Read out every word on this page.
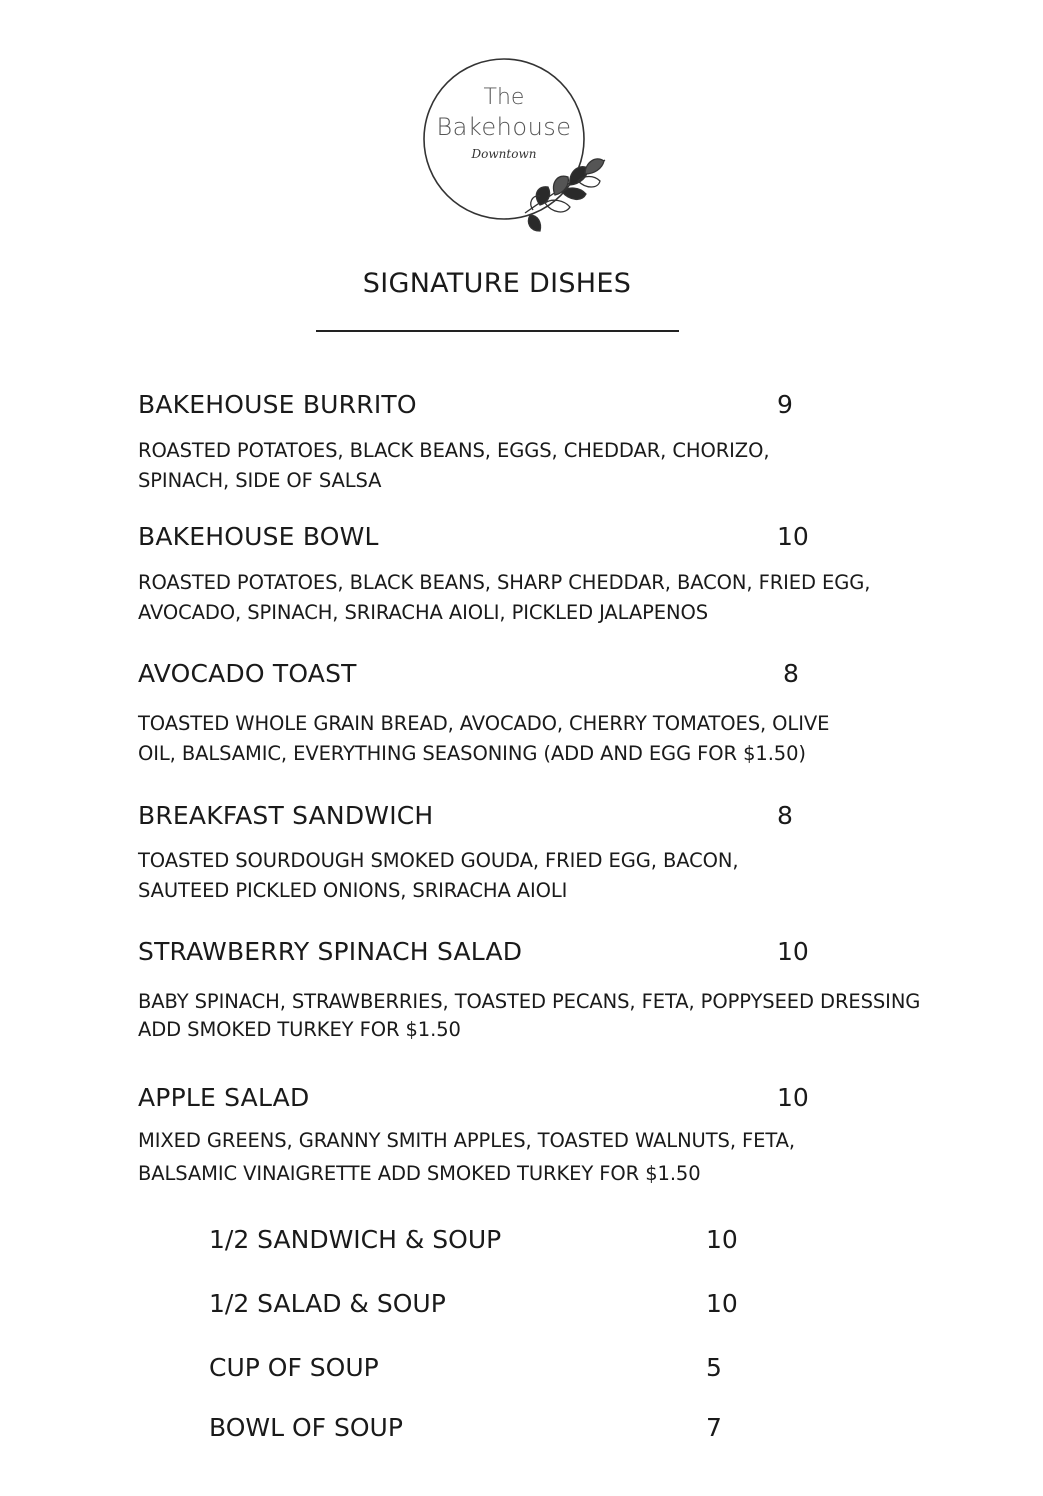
The
Bakehouse
Downtown
SIGNATURE DISHES
BAKEHOUSE BURRITO	9
ROASTED POTATOES, BLACK BEANS, EGGS, CHEDDAR, CHORIZO,
SPINACH, SIDE OF SALSA
BAKEHOUSE BOWL	10
ROASTED POTATOES, BLACK BEANS, SHARP CHEDDAR, BACON, FRIED EGG,
AVOCADO, SPINACH, SRIRACHA AIOLI, PICKLED JALAPENOS
AVOCADO TOAST	8
TOASTED WHOLE GRAIN BREAD, AVOCADO, CHERRY TOMATOES, OLIVE
OIL, BALSAMIC, EVERYTHING SEASONING (ADD AND EGG FOR $1.50)
BREAKFAST SANDWICH	8
TOASTED SOURDOUGH SMOKED GOUDA, FRIED EGG, BACON,
SAUTEED PICKLED ONIONS, SRIRACHA AIOLI
STRAWBERRY SPINACH SALAD	10
BABY SPINACH, STRAWBERRIES, TOASTED PECANS, FETA, POPPYSEED DRESSING
ADD SMOKED TURKEY FOR $1.50
APPLE SALAD	10
MIXED GREENS, GRANNY SMITH APPLES, TOASTED WALNUTS, FETA,
BALSAMIC VINAIGRETTE ADD SMOKED TURKEY FOR $1.50
1/2 SANDWICH & SOUP	10
1/2 SALAD & SOUP	10
CUP OF SOUP	5
BOWL OF SOUP	7
